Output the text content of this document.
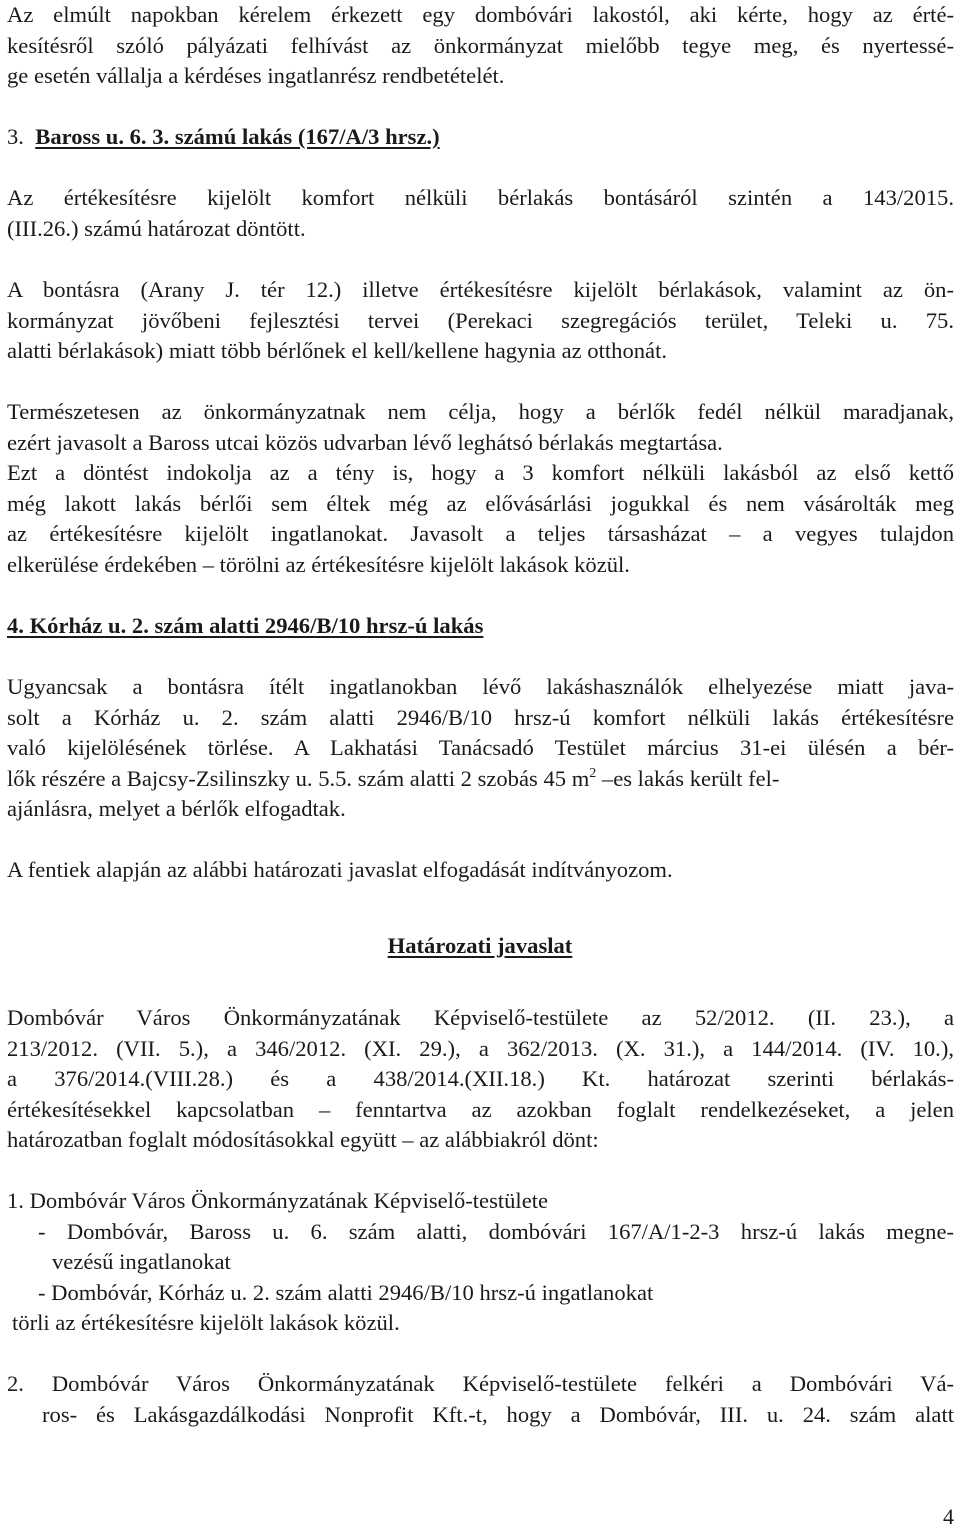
Az elmúlt napokban kérelem érkezett egy dombóvári lakostól, aki kérte, hogy az érté-
kesítésről szóló pályázati felhívást az önkormányzat mielőbb tegye meg, és nyertessé-
ge esetén vállalja a kérdéses ingatlanrész rendbetételét.
3. Baross u. 6. 3. számú lakás (167/A/3 hrsz.)
Az értékesítésre kijelölt komfort nélküli bérlakás bontásáról szintén a 143/2015.
(III.26.) számú határozat döntött.
A bontásra (Arany J. tér 12.) illetve értékesítésre kijelölt bérlakások, valamint az ön-
kormányzat jövőbeni fejlesztési tervei (Perekaci szegregációs terület, Teleki u. 75.
alatti bérlakások) miatt több bérlőnek el kell/kellene hagynia az otthonát.
Természetesen az önkormányzatnak nem célja, hogy a bérlők fedél nélkül maradjanak,
ezért javasolt a Baross utcai közös udvarban lévő leghátsó bérlakás megtartása.
Ezt a döntést indokolja az a tény is, hogy a 3 komfort nélküli lakásból az első kettő
még lakott lakás bérlői sem éltek még az elővásárlási jogukkal és nem vásárolták meg
az értékesítésre kijelölt ingatlanokat. Javasolt a teljes társasházat – a vegyes tulajdon
elkerülése érdekében – törölni az értékesítésre kijelölt lakások közül.
4. Kórház u. 2. szám alatti 2946/B/10 hrsz-ú lakás
Ugyancsak a bontásra ítélt ingatlanokban lévő lakáshasználók elhelyezése miatt java-
solt a Kórház u. 2. szám alatti 2946/B/10 hrsz-ú komfort nélküli lakás értékesítésre
való kijelölésének törlése. A Lakhatási Tanácsadó Testület március 31-ei ülésén a bér-
lők részére a Bajcsy-Zsilinszky u. 5.5. szám alatti 2 szobás 45 $m^2$ –es lakás került fel-
ajánlásra, melyet a bérlők elfogadtak.
A fentiek alapján az alábbi határozati javaslat elfogadását indítványozom.
Határozati javaslat
Dombóvár Város Önkormányzatának Képviselő-testülete az 52/2012. (II. 23.), a
213/2012. (VII. 5.), a 346/2012. (XI. 29.), a 362/2013. (X. 31.), a 144/2014. (IV. 10.),
a 376/2014.(VIII.28.) és a 438/2014.(XII.18.) Kt. határozat szerinti bérlakás-
értékesítésekkel kapcsolatban – fenntartva az azokban foglalt rendelkezéseket, a jelen
határozatban foglalt módosításokkal együtt – az alábbiakról dönt:
1. Dombóvár Város Önkormányzatának Képviselő-testülete
- Dombóvár, Baross u. 6. szám alatti, dombóvári 167/A/1-2-3 hrsz-ú lakás megne-
vezésű ingatlanokat
- Dombóvár, Kórház u. 2. szám alatti 2946/B/10 hrsz-ú ingatlanokat
törli az értékesítésre kijelölt lakások közül.
2. Dombóvár Város Önkormányzatának Képviselő-testülete felkéri a Dombóvári Vá-
ros- és Lakásgazdálkodási Nonprofit Kft.-t, hogy a Dombóvár, III. u. 24. szám alatt
4
